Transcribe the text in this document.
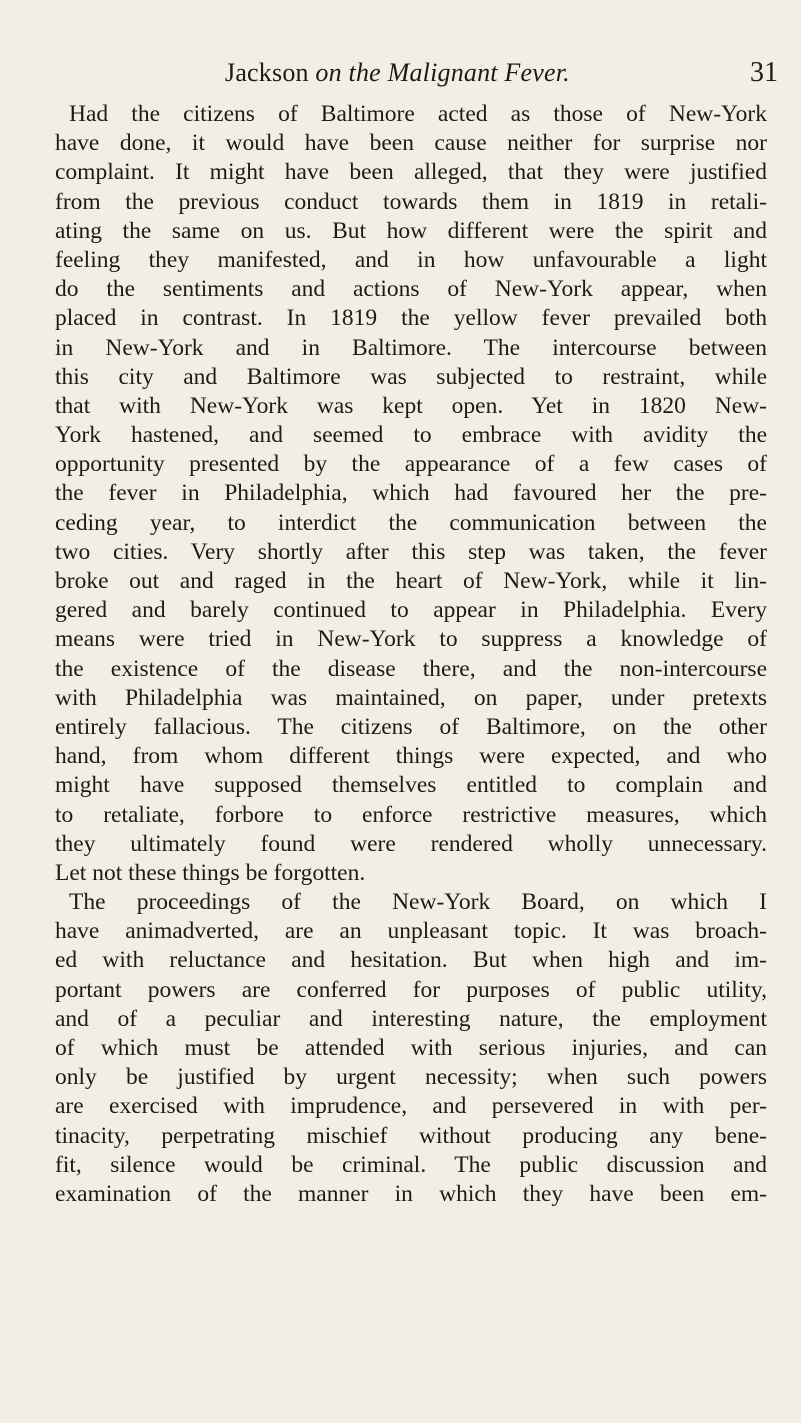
Jackson on the Malignant Fever.	31
Had the citizens of Baltimore acted as those of New-York
have done, it would have been cause neither for surprise nor
complaint. It might have been alleged, that they were justified
from the previous conduct towards them in 1819 in retali-
ating the same on us. But how different were the spirit and
feeling they manifested, and in how unfavourable a light
do the sentiments and actions of New-York appear, when
placed in contrast. In 1819 the yellow fever prevailed both
in New-York and in Baltimore. The intercourse between
this city and Baltimore was subjected to restraint, while
that with New-York was kept open. Yet in 1820 New-
York hastened, and seemed to embrace with avidity the
opportunity presented by the appearance of a few cases of
the fever in Philadelphia, which had favoured her the pre-
ceding year, to interdict the communication between the
two cities. Very shortly after this step was taken, the fever
broke out and raged in the heart of New-York, while it lin-
gered and barely continued to appear in Philadelphia. Every
means were tried in New-York to suppress a knowledge of
the existence of the disease there, and the non-intercourse
with Philadelphia was maintained, on paper, under pretexts
entirely fallacious. The citizens of Baltimore, on the other
hand, from whom different things were expected, and who
might have supposed themselves entitled to complain and
to retaliate, forbore to enforce restrictive measures, which
they ultimately found were rendered wholly unnecessary.
Let not these things be forgotten.
The proceedings of the New-York Board, on which I
have animadverted, are an unpleasant topic. It was broach-
ed with reluctance and hesitation. But when high and im-
portant powers are conferred for purposes of public utility,
and of a peculiar and interesting nature, the employment
of which must be attended with serious injuries, and can
only be justified by urgent necessity; when such powers
are exercised with imprudence, and persevered in with per-
tinacity, perpetrating mischief without producing any bene-
fit, silence would be criminal. The public discussion and
examination of the manner in which they have been em-
